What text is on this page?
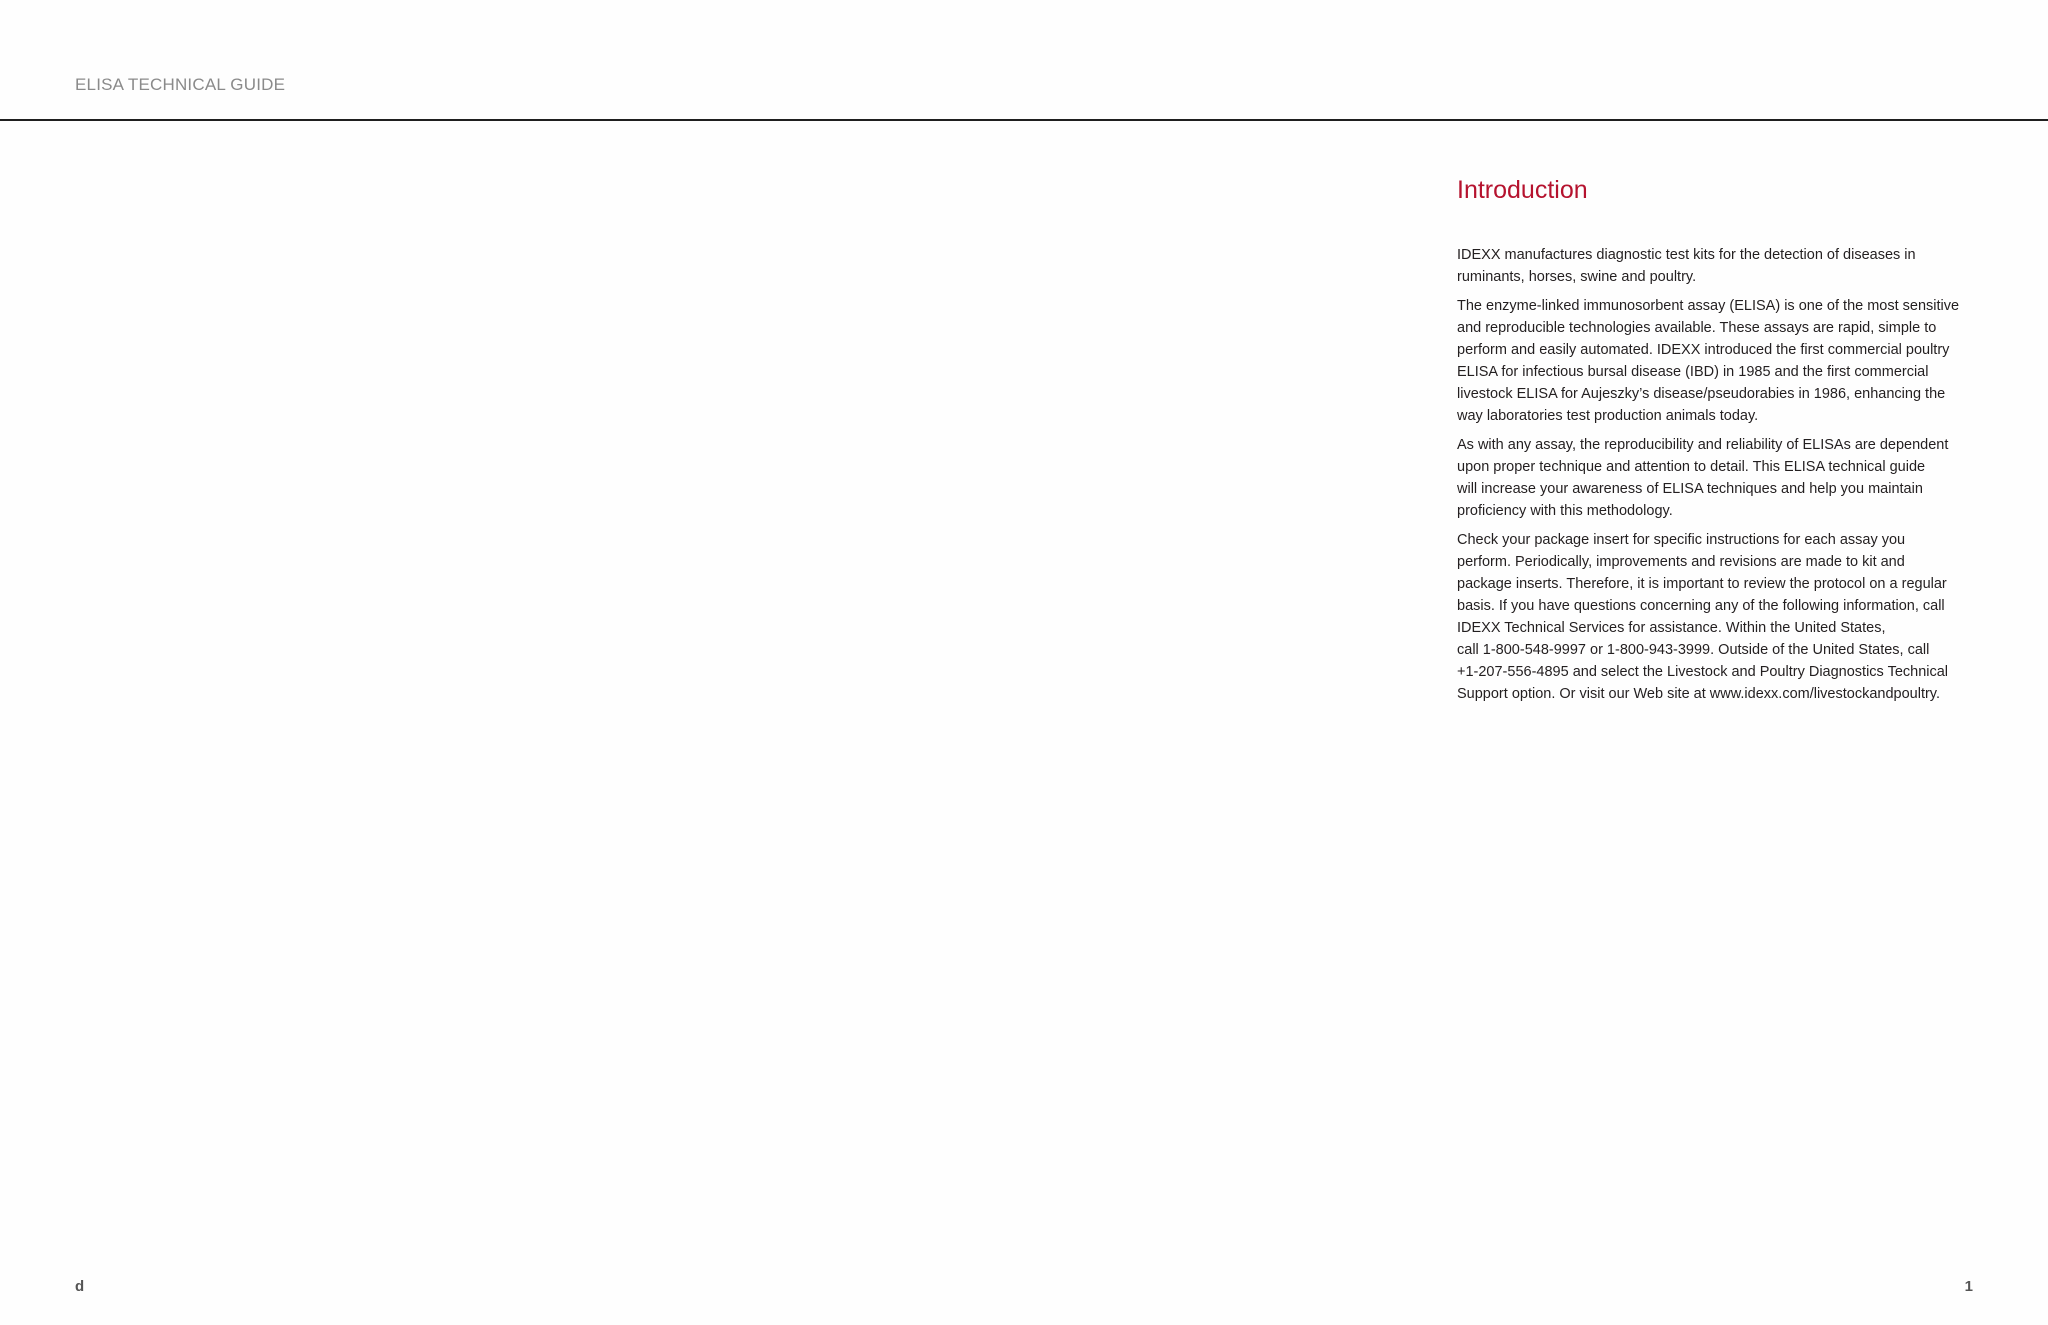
ELISA TECHNICAL GUIDE
Introduction

IDEXX manufactures diagnostic test kits for the detection of diseases in
ruminants, horses, swine and poultry.

The enzyme-linked immunosorbent assay (ELISA) is one of the most sensitive
and reproducible technologies available. These assays are rapid, simple to
perform and easily automated. IDEXX introduced the first commercial poultry
ELISA for infectious bursal disease (IBD) in 1985 and the first commercial
livestock ELISA for Aujeszky’s disease/pseudorabies in 1986, enhancing the
way laboratories test production animals today.

As with any assay, the reproducibility and reliability of ELISAs are dependent
upon proper technique and attention to detail. This ELISA technical guide
will increase your awareness of ELISA techniques and help you maintain
proficiency with this methodology.

Check your package insert for specific instructions for each assay you
perform. Periodically, improvements and revisions are made to kit and
package inserts. Therefore, it is important to review the protocol on a regular
basis. If you have questions concerning any of the following information, call
IDEXX Technical Services for assistance. Within the United States,
call 1-800-548-9997 or 1-800-943-3999. Outside of the United States, call
+1-207-556-4895 and select the Livestock and Poultry Diagnostics Technical
Support option. Or visit our Web site at www.idexx.com/livestockandpoultry.

d	1
